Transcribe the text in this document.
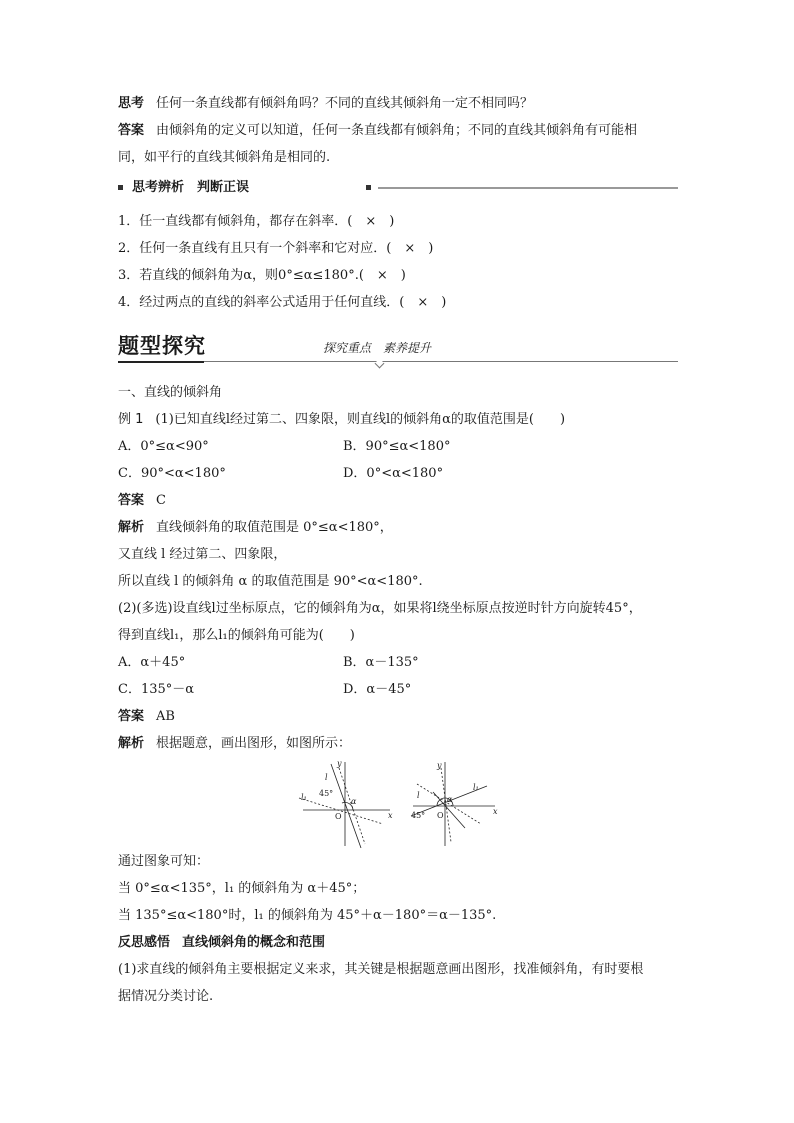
思考 任何一条直线都有倾斜角吗？不同的直线其倾斜角一定不相同吗？
答案 由倾斜角的定义可以知道，任何一条直线都有倾斜角；不同的直线其倾斜角有可能相
同，如平行的直线其倾斜角是相同的.
思考辨析　判断正误
1．任一直线都有倾斜角，都存在斜率．(　×　)
2．任何一条直线有且只有一个斜率和它对应．(　×　)
3．若直线的倾斜角为α，则0°≤α≤180°.(　×　)
4．经过两点的直线的斜率公式适用于任何直线．(　×　)
题型探究	探究重点　素养提升
一、直线的倾斜角
例 1 (1)已知直线l经过第二、四象限，则直线l的倾斜角α的取值范围是(　　)
A．0°≤α<90°	B．90°≤α<180°
C．90°<α<180°	D．0°<α<180°
答案 C
解析 直线倾斜角的取值范围是 0°≤α<180°，
又直线 l 经过第二、四象限，
所以直线 l 的倾斜角 α 的取值范围是 90°<α<180°.
(2)(多选)设直线l过坐标原点，它的倾斜角为α，如果将l绕坐标原点按逆时针方向旋转45°，
得到直线l₁，那么l₁的倾斜角可能为(　　)
A．α＋45°	B．α－135°
C．135°－α	D．α－45°
答案 AB
解析 根据题意，画出图形，如图所示：
y
x
O
l
l₁ 45°
α
y
x
O
l
l₁
45°
α
通过图象可知：
当 0°≤α<135°，l₁ 的倾斜角为 α＋45°；
当 135°≤α<180°时，l₁ 的倾斜角为 45°＋α－180°＝α－135°.
反思感悟 直线倾斜角的概念和范围
(1)求直线的倾斜角主要根据定义来求，其关键是根据题意画出图形，找准倾斜角，有时要根
据情况分类讨论.
